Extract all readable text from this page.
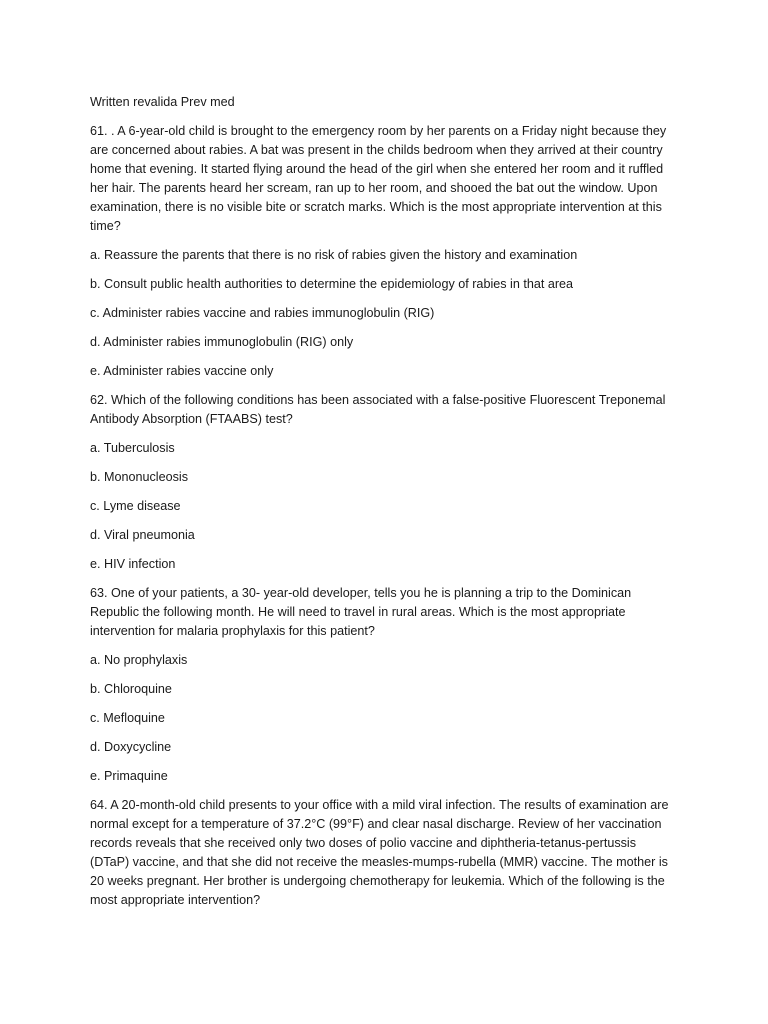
Written revalida Prev med

61. . A 6-year-old child is brought to the emergency room by her parents on a Friday night because they are concerned about rabies. A bat was present in the childs bedroom when they arrived at their country home that evening. It started flying around the head of the girl when she entered her room and it ruffled her hair. The parents heard her scream, ran up to her room, and shooed the bat out the window. Upon examination, there is no visible bite or scratch marks. Which is the most appropriate intervention at this time?

a. Reassure the parents that there is no risk of rabies given the history and examination

b. Consult public health authorities to determine the epidemiology of rabies in that area

c. Administer rabies vaccine and rabies immunoglobulin (RIG)

d. Administer rabies immunoglobulin (RIG) only

e. Administer rabies vaccine only

62. Which of the following conditions has been associated with a false-positive Fluorescent Treponemal Antibody Absorption (FTAABS) test?

a. Tuberculosis

b. Mononucleosis

c. Lyme disease

d. Viral pneumonia

e. HIV infection

63. One of your patients, a 30- year-old developer, tells you he is planning a trip to the Dominican Republic the following month. He will need to travel in rural areas. Which is the most appropriate intervention for malaria prophylaxis for this patient?

a. No prophylaxis

b. Chloroquine

c. Mefloquine

d. Doxycycline

e. Primaquine

64. A 20-month-old child presents to your office with a mild viral infection. The results of examination are normal except for a temperature of 37.2°C (99°F) and clear nasal discharge. Review of her vaccination records reveals that she received only two doses of polio vaccine and diphtheria-tetanus-pertussis (DTaP) vaccine, and that she did not receive the measles-mumps-rubella (MMR) vaccine. The mother is 20 weeks pregnant. Her brother is undergoing chemotherapy for leukemia. Which of the following is the most appropriate intervention?
